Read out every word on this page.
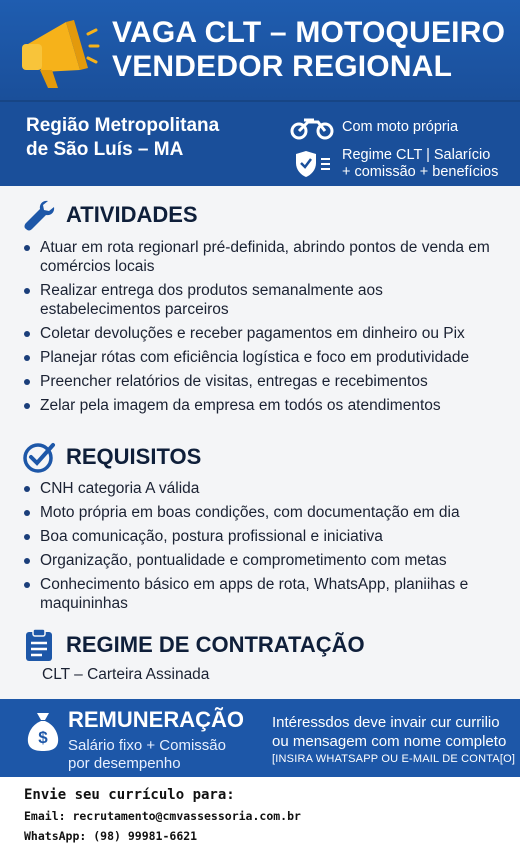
VAGA CLT – MOTOQUEIRO
VENDEDOR REGIONAL
Região Metropolitana
de São Luís – MA
Com moto própria
Regime CLT | Salarício
+ comissão + benefícios
ATIVIDADES
Atuar em rota regionarl pré-definida, abrindo pontos de venda em comércios locais
Realizar entrega dos produtos semanalmente aos estabelecimentos parceiros
Coletar devoluções e receber pagamentos em dinheiro ou Pix
Planejar rótas com eficiência logística e foco em produtividade
Preencher relatórios de visitas, entregas e recebimentos
Zelar pela imagem da empresa em todós os atendimentos
REQUISITOS
CNH categoria A válida
Moto própria em boas condições, com documentação em dia
Boa comunicação, postura profissional e iniciativa
Organização, pontualidade e comprometimento com metas
Conhecimento básico em apps de rota, WhatsApp, planiihas e maquininhas
REGIME DE CONTRATAÇÃO
CLT – Carteira Assinada
$
REMUNERAÇÃO
Salário fixo + Comissão
por desempenho
Intéressdos deve invair cur currilio
ou mensagem com nome completo
[INSIRA WHATSAPP OU E-MAIL DE CONTA[O]
Envie seu currículo para:
Email: recrutamento@cmvassessoria.com.br
WhatsApp: (98) 99981-6621
